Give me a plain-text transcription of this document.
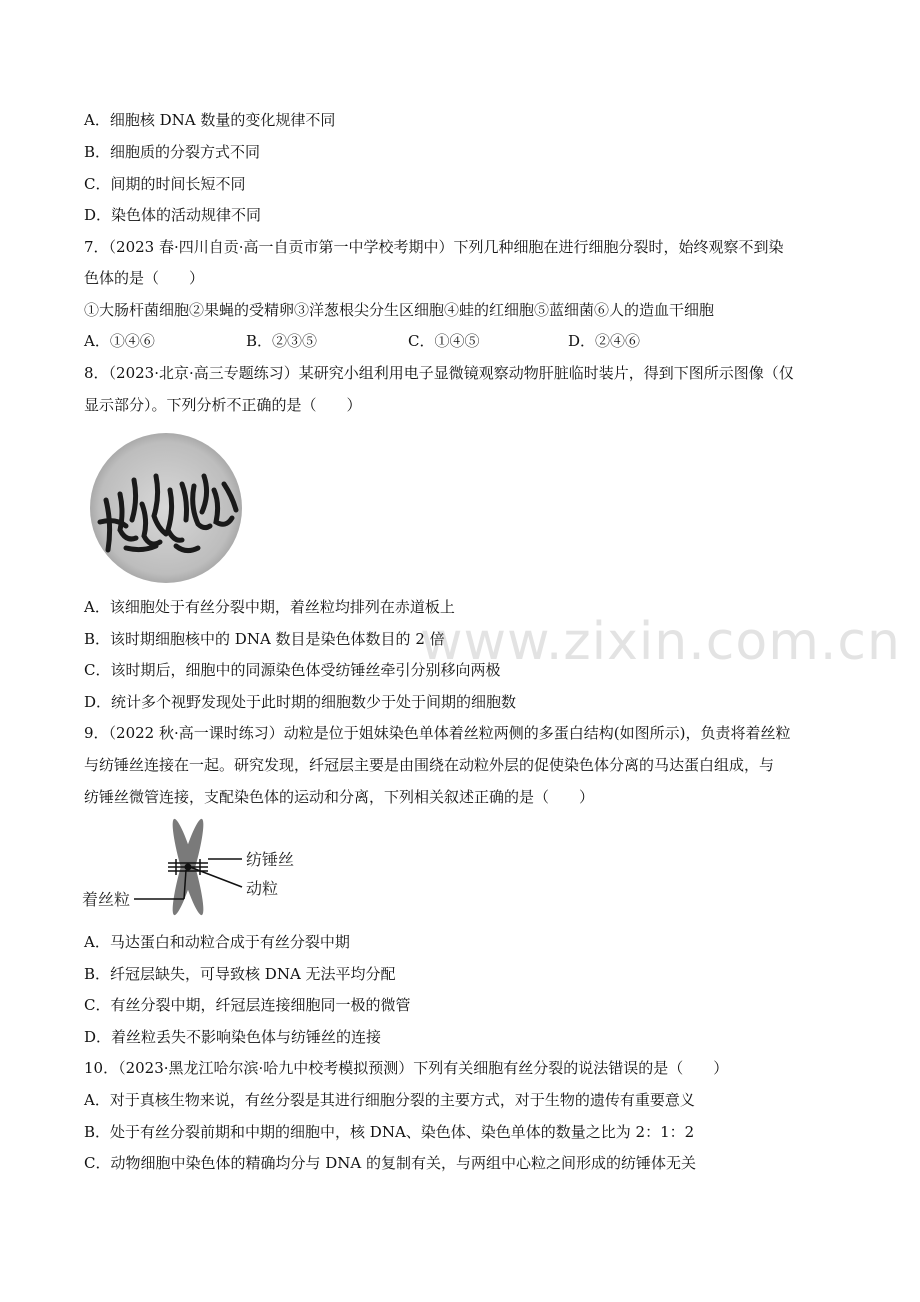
www.zixin.com.cn
A．细胞核 DNA 数量的变化规律不同
B．细胞质的分裂方式不同
C．间期的时间长短不同
D．染色体的活动规律不同
7．（2023 春·四川自贡·高一自贡市第一中学校考期中）下列几种细胞在进行细胞分裂时，始终观察不到染
色体的是（　　）
①大肠杆菌细胞②果蝇的受精卵③洋葱根尖分生区细胞④蛙的红细胞⑤蓝细菌⑥人的造血干细胞
A．①④⑥	B．②③⑤	C．①④⑤	D．②④⑥
8．（2023·北京·高三专题练习）某研究小组利用电子显微镜观察动物肝脏临时装片，得到下图所示图像（仅
显示部分）。下列分析不正确的是（　　）
A．该细胞处于有丝分裂中期，着丝粒均排列在赤道板上
B．该时期细胞核中的 DNA 数目是染色体数目的 2 倍
C．该时期后，细胞中的同源染色体受纺锤丝牵引分别移向两极
D．统计多个视野发现处于此时期的细胞数少于处于间期的细胞数
9．（2022 秋·高一课时练习）动粒是位于姐妹染色单体着丝粒两侧的多蛋白结构(如图所示)，负责将着丝粒
与纺锤丝连接在一起。研究发现，纤冠层主要是由围绕在动粒外层的促使染色体分离的马达蛋白组成，与
纺锤丝微管连接，支配染色体的运动和分离，下列相关叙述正确的是（　　）
纺锤丝
动粒
着丝粒
A．马达蛋白和动粒合成于有丝分裂中期
B．纤冠层缺失，可导致核 DNA 无法平均分配
C．有丝分裂中期，纤冠层连接细胞同一极的微管
D．着丝粒丢失不影响染色体与纺锤丝的连接
10．（2023·黑龙江哈尔滨·哈九中校考模拟预测）下列有关细胞有丝分裂的说法错误的是（　　）
A．对于真核生物来说，有丝分裂是其进行细胞分裂的主要方式，对于生物的遗传有重要意义
B．处于有丝分裂前期和中期的细胞中，核 DNA、染色体、染色单体的数量之比为 2：1：2
C．动物细胞中染色体的精确均分与 DNA 的复制有关，与两组中心粒之间形成的纺锤体无关
